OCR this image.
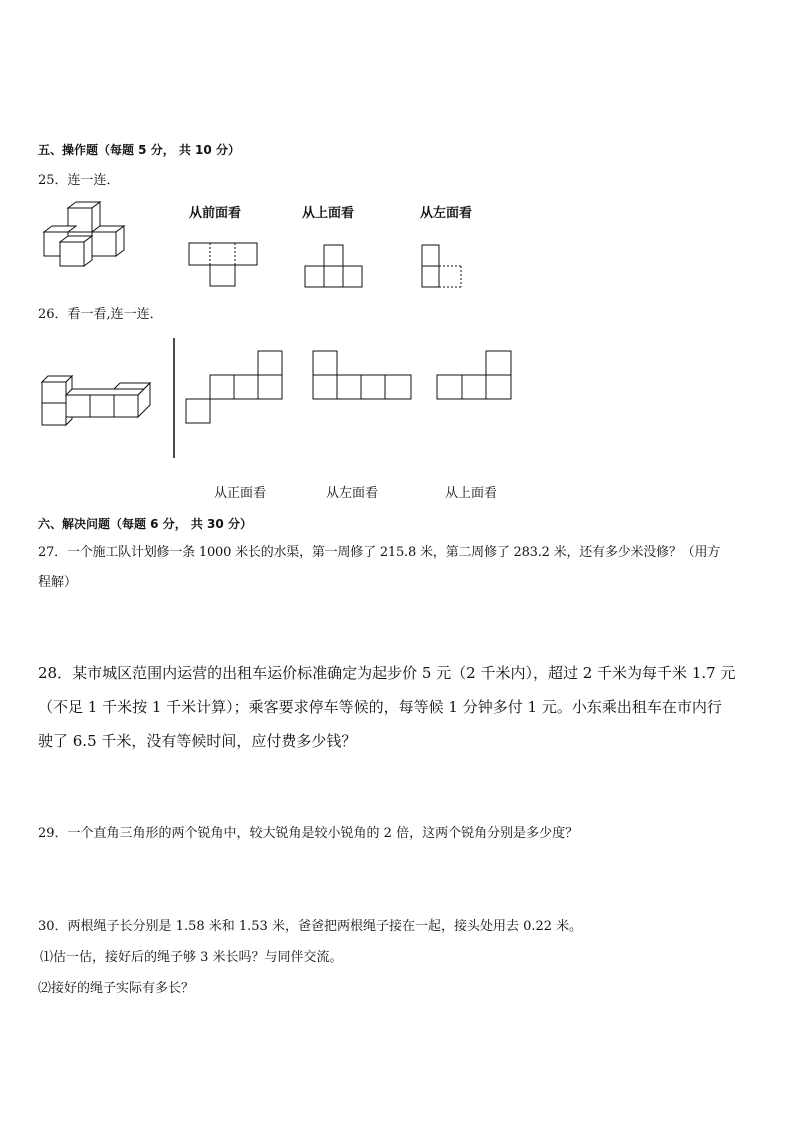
五、操作题（每题 5 分， 共 10 分）
25．连一连．
从前面看	从上面看	从左面看
26．看一看,连一连．
从正面看	从左面看	从上面看
六、解决问题（每题 6 分， 共 30 分）
27．一个施工队计划修一条 1000 米长的水渠，第一周修了 215.8 米，第二周修了 283.2 米，还有多少米没修？（用方
程解）
28．某市城区范围内运营的出租车运价标准确定为起步价 5 元（2 千米内），超过 2 千米为每千米 1.7 元
（不足 1 千米按 1 千米计算）；乘客要求停车等候的，每等候 1 分钟多付 1 元。小东乘出租车在市内行
驶了 6.5 千米，没有等候时间，应付费多少钱？
29．一个直角三角形的两个锐角中，较大锐角是较小锐角的 2 倍，这两个锐角分别是多少度？
30．两根绳子长分别是 1.58 米和 1.53 米，爸爸把两根绳子接在一起，接头处用去 0.22 米。
⑴估一估，接好后的绳子够 3 米长吗？与同伴交流。
⑵接好的绳子实际有多长？
